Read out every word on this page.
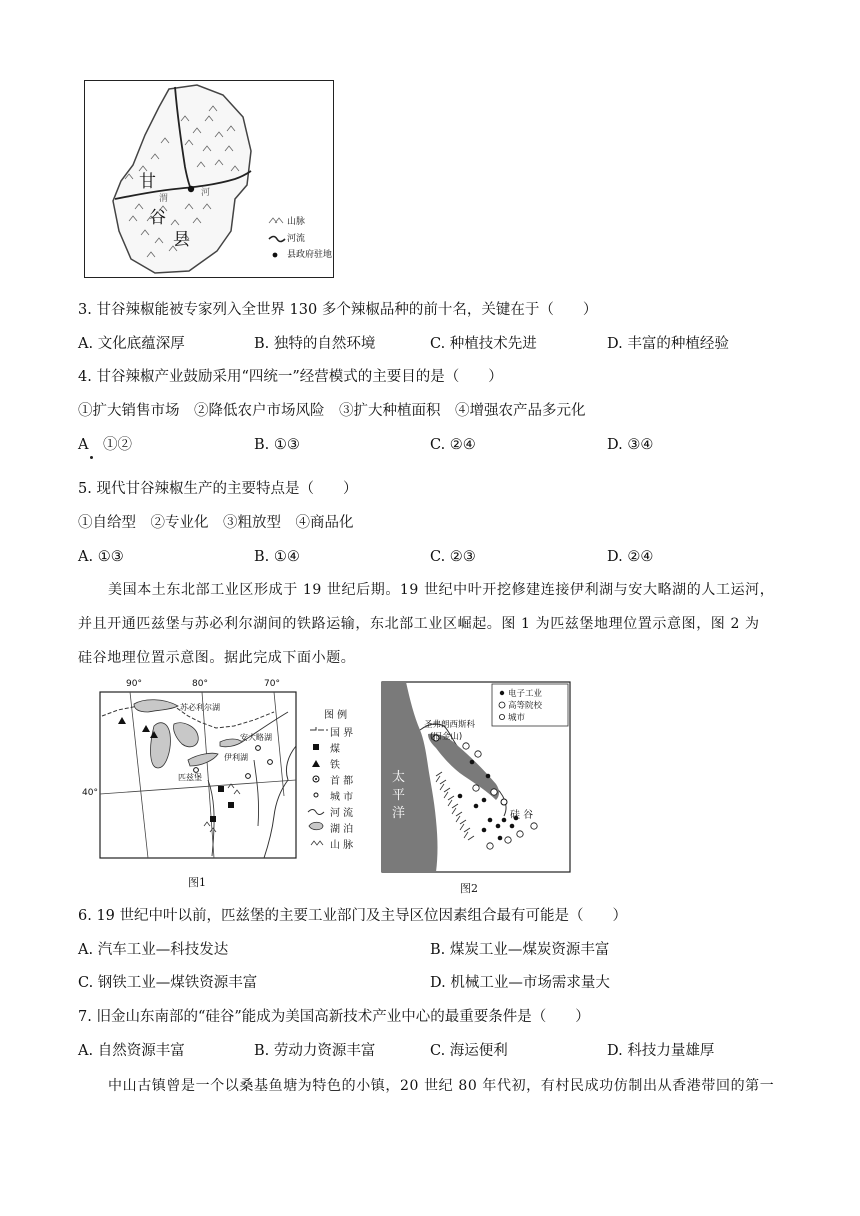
甘
谷
县
渭
河
山脉
河流
县政府驻地
3. 甘谷辣椒能被专家列入全世界 130 多个辣椒品种的前十名，关键在于（　　）
A. 文化底蕴深厚	B. 独特的自然环境	C. 种植技术先进	D. 丰富的种植经验
4. 甘谷辣椒产业鼓励采用“四统一”经营模式的主要目的是（　　）
①扩大销售市场　②降低农户市场风险　③扩大种植面积　④增强农产品多元化
A　①②	B. ①③	C. ②④	D. ③④
5. 现代甘谷辣椒生产的主要特点是（　　）
①自给型　②专业化　③粗放型　④商品化
A. ①③	B. ①④	C. ②③	D. ②④
美国本土东北部工业区形成于 19 世纪后期。19 世纪中叶开挖修建连接伊利湖与安大略湖的人工运河，
并且开通匹兹堡与苏必利尔湖间的铁路运输，东北部工业区崛起。图 1 为匹兹堡地理位置示意图，图 2 为
硅谷地理位置示意图。据此完成下面小题。
90°	80°	70°
40°
苏必利尔湖
安大略湖
伊利湖
匹兹堡
图 例
国 界
煤
铁
首 都
城 市
河 流
湖 泊
山 脉
图1
电子工业
高等院校
城市
圣弗朗西斯科
(旧金山)
硅 谷
太
平
洋
图2
6. 19 世纪中叶以前，匹兹堡的主要工业部门及主导区位因素组合最有可能是（　　）
A. 汽车工业—科技发达	B. 煤炭工业—煤炭资源丰富
C. 钢铁工业—煤铁资源丰富	D. 机械工业—市场需求量大
7. 旧金山东南部的“硅谷”能成为美国高新技术产业中心的最重要条件是（　　）
A. 自然资源丰富	B. 劳动力资源丰富	C. 海运便利	D. 科技力量雄厚
中山古镇曾是一个以桑基鱼塘为特色的小镇，20 世纪 80 年代初，有村民成功仿制出从香港带回的第一
